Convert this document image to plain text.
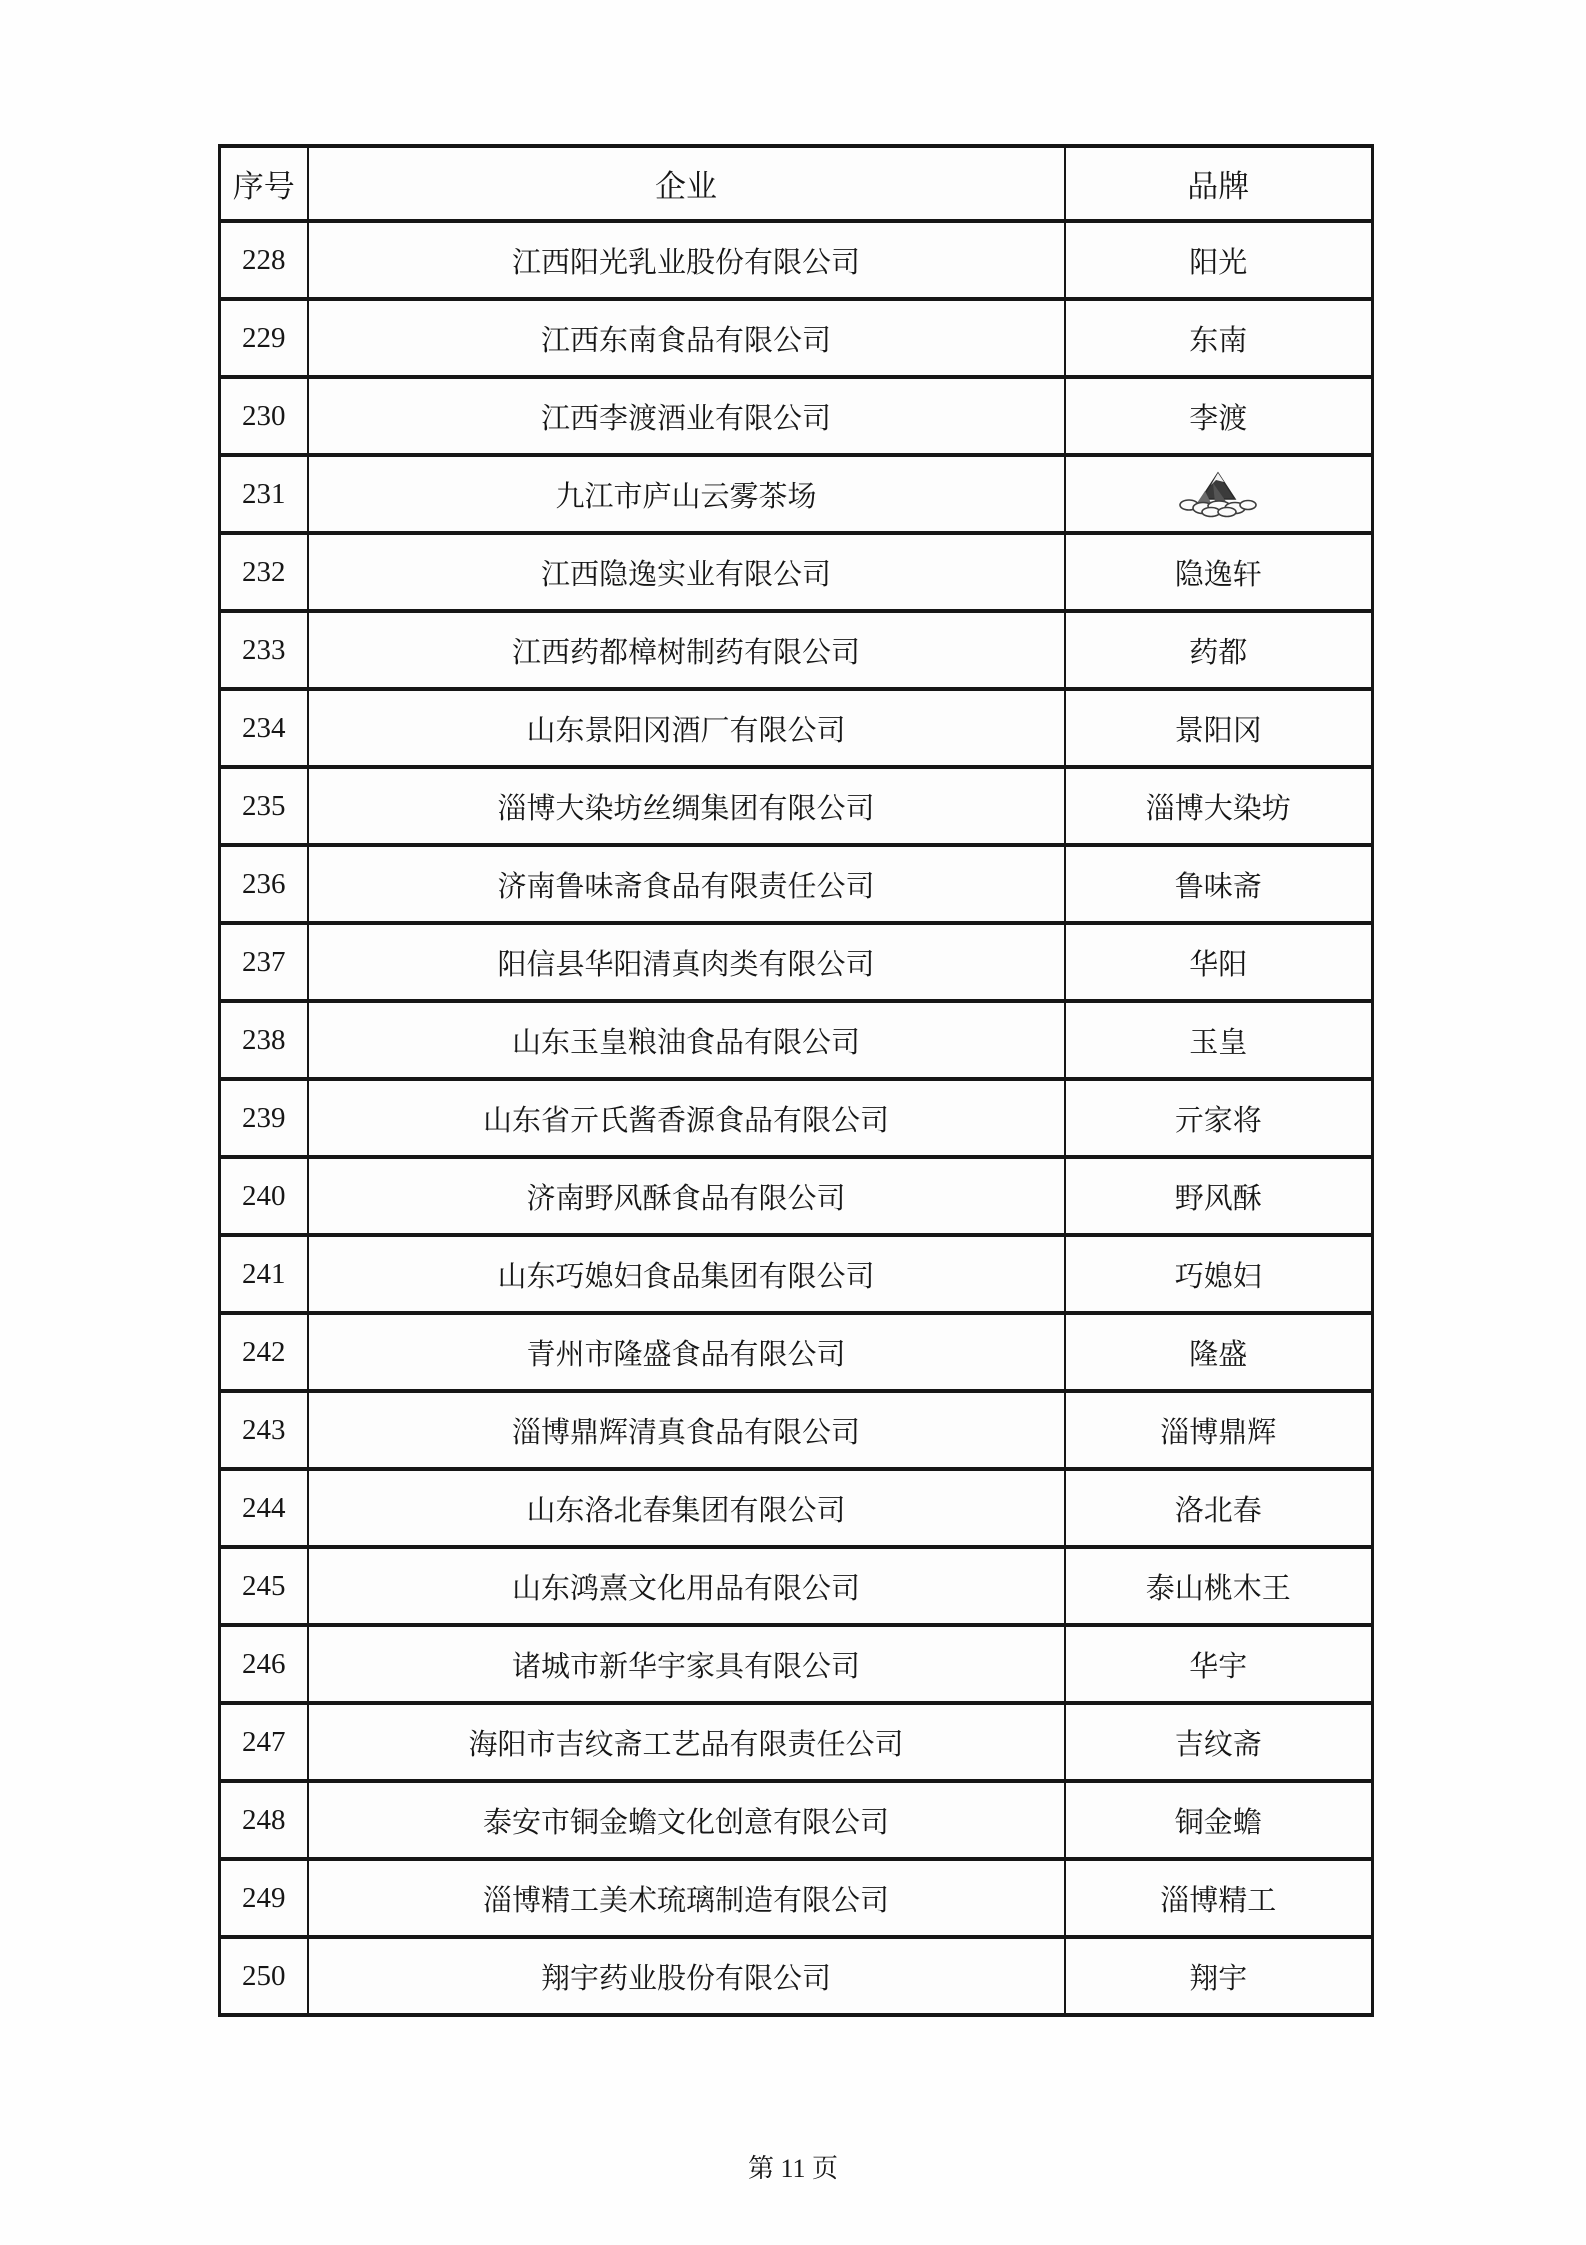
序号	企业	品牌
228	江西阳光乳业股份有限公司	阳光
229	江西东南食品有限公司	东南
230	江西李渡酒业有限公司	李渡
231	九江市庐山云雾茶场	
232	江西隐逸实业有限公司	隐逸轩
233	江西药都樟树制药有限公司	药都
234	山东景阳冈酒厂有限公司	景阳冈
235	淄博大染坊丝绸集团有限公司	淄博大染坊
236	济南鲁味斋食品有限责任公司	鲁味斋
237	阳信县华阳清真肉类有限公司	华阳
238	山东玉皇粮油食品有限公司	玉皇
239	山东省亓氏酱香源食品有限公司	亓家将
240	济南野风酥食品有限公司	野风酥
241	山东巧媳妇食品集团有限公司	巧媳妇
242	青州市隆盛食品有限公司	隆盛
243	淄博鼎辉清真食品有限公司	淄博鼎辉
244	山东洛北春集团有限公司	洛北春
245	山东鸿熹文化用品有限公司	泰山桃木王
246	诸城市新华宇家具有限公司	华宇
247	海阳市吉纹斋工艺品有限责任公司	吉纹斋
248	泰安市铜金蟾文化创意有限公司	铜金蟾
249	淄博精工美术琉璃制造有限公司	淄博精工
250	翔宇药业股份有限公司	翔宇
第 11 页
